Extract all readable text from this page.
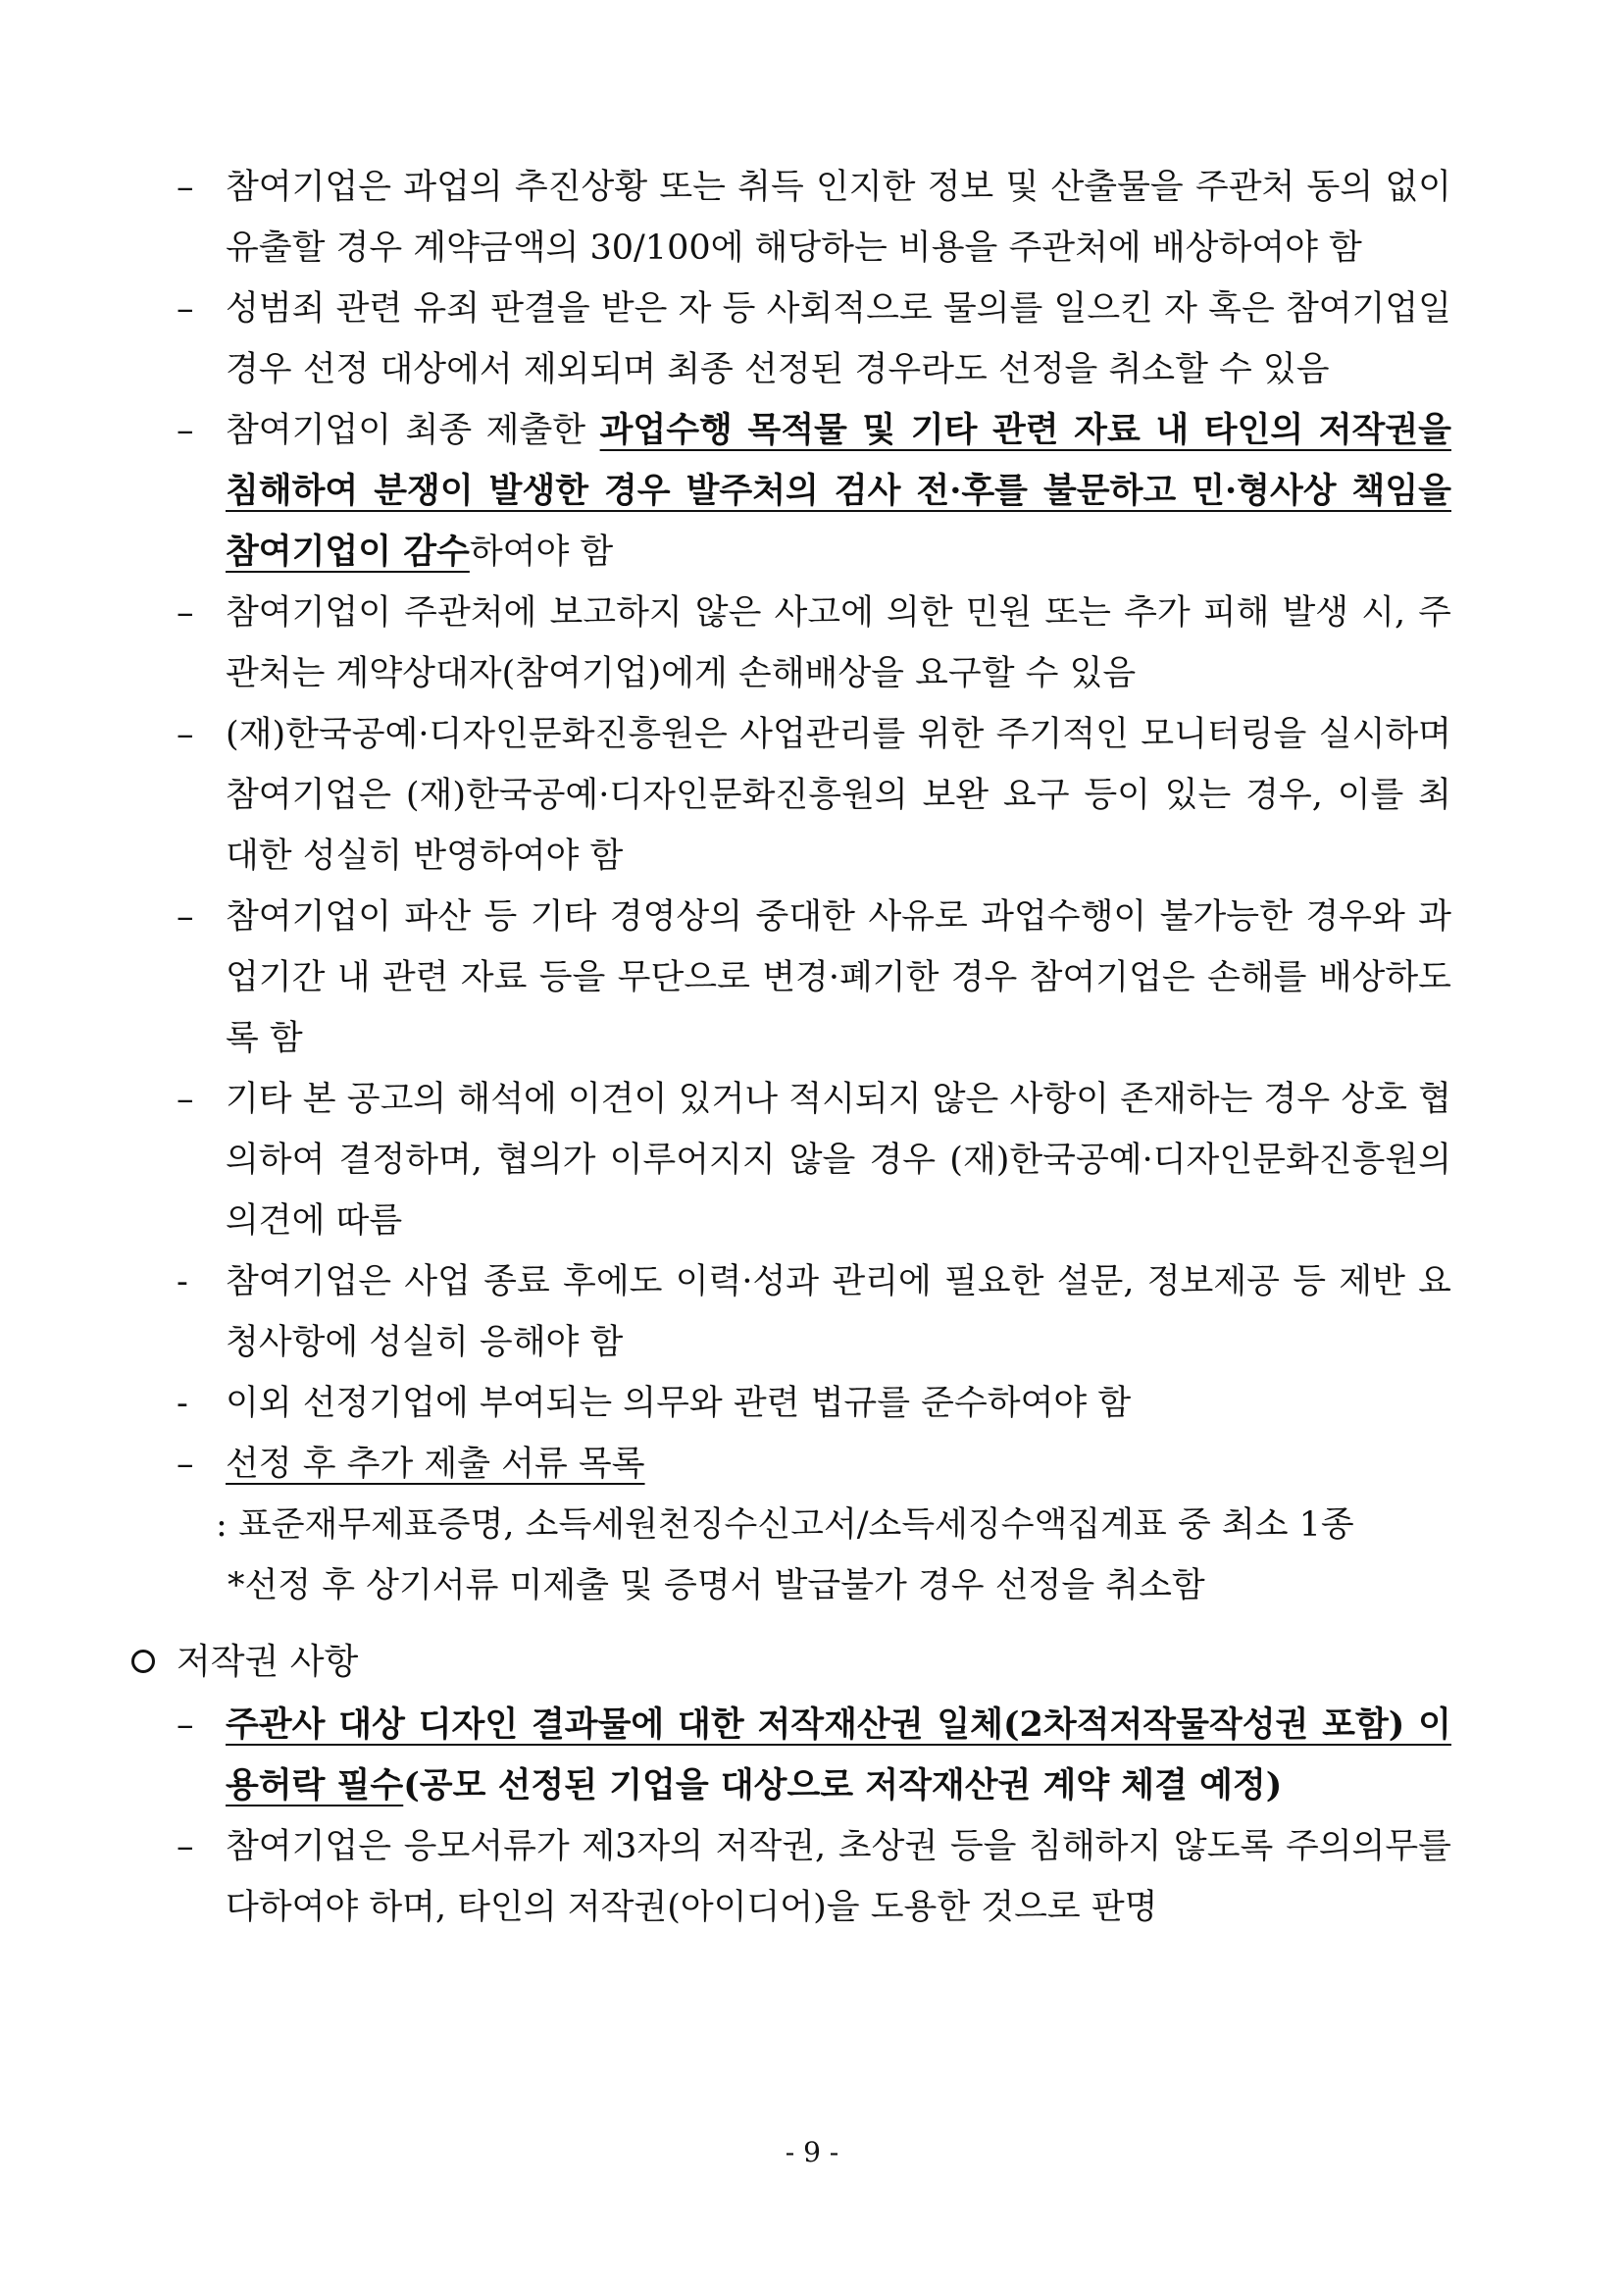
– 참여기업은 과업의 추진상황 또는 취득 인지한 정보 및 산출물을 주관처 동의 없이 유출할 경우 계약금액의 30/100에 해당하는 비용을 주관처에 배상하여야 함

– 성범죄 관련 유죄 판결을 받은 자 등 사회적으로 물의를 일으킨 자 혹은 참여기업일 경우 선정 대상에서 제외되며 최종 선정된 경우라도 선정을 취소할 수 있음

– 참여기업이 최종 제출한 과업수행 목적물 및 기타 관련 자료 내 타인의 저작권을 침해하여 분쟁이 발생한 경우 발주처의 검사 전·후를 불문하고 민·형사상 책임을 참여기업이 감수하여야 함

– 참여기업이 주관처에 보고하지 않은 사고에 의한 민원 또는 추가 피해 발생 시, 주관처는 계약상대자(참여기업)에게 손해배상을 요구할 수 있음

– (재)한국공예·디자인문화진흥원은 사업관리를 위한 주기적인 모니터링을 실시하며 참여기업은 (재)한국공예·디자인문화진흥원의 보완 요구 등이 있는 경우, 이를 최대한 성실히 반영하여야 함

– 참여기업이 파산 등 기타 경영상의 중대한 사유로 과업수행이 불가능한 경우와 과업기간 내 관련 자료 등을 무단으로 변경·폐기한 경우 참여기업은 손해를 배상하도록 함

– 기타 본 공고의 해석에 이견이 있거나 적시되지 않은 사항이 존재하는 경우 상호 협의하여 결정하며, 협의가 이루어지지 않을 경우 (재)한국공예·디자인문화진흥원의 의견에 따름

- 참여기업은 사업 종료 후에도 이력·성과 관리에 필요한 설문, 정보제공 등 제반 요청사항에 성실히 응해야 함

- 이외 선정기업에 부여되는 의무와 관련 법규를 준수하여야 함

– 선정 후 추가 제출 서류 목록

: 표준재무제표증명, 소득세원천징수신고서/소득세징수액집계표 중 최소 1종

*선정 후 상기서류 미제출 및 증명서 발급불가 경우 선정을 취소함

저작권 사항
– 주관사 대상 디자인 결과물에 대한 저작재산권 일체(2차적저작물작성권 포함) 이용허락 필수(공모 선정된 기업을 대상으로 저작재산권 계약 체결 예정)

– 참여기업은 응모서류가 제3자의 저작권, 초상권 등을 침해하지 않도록 주의의무를 다하여야 하며, 타인의 저작권(아이디어)을 도용한 것으로 판명

- 9 -
